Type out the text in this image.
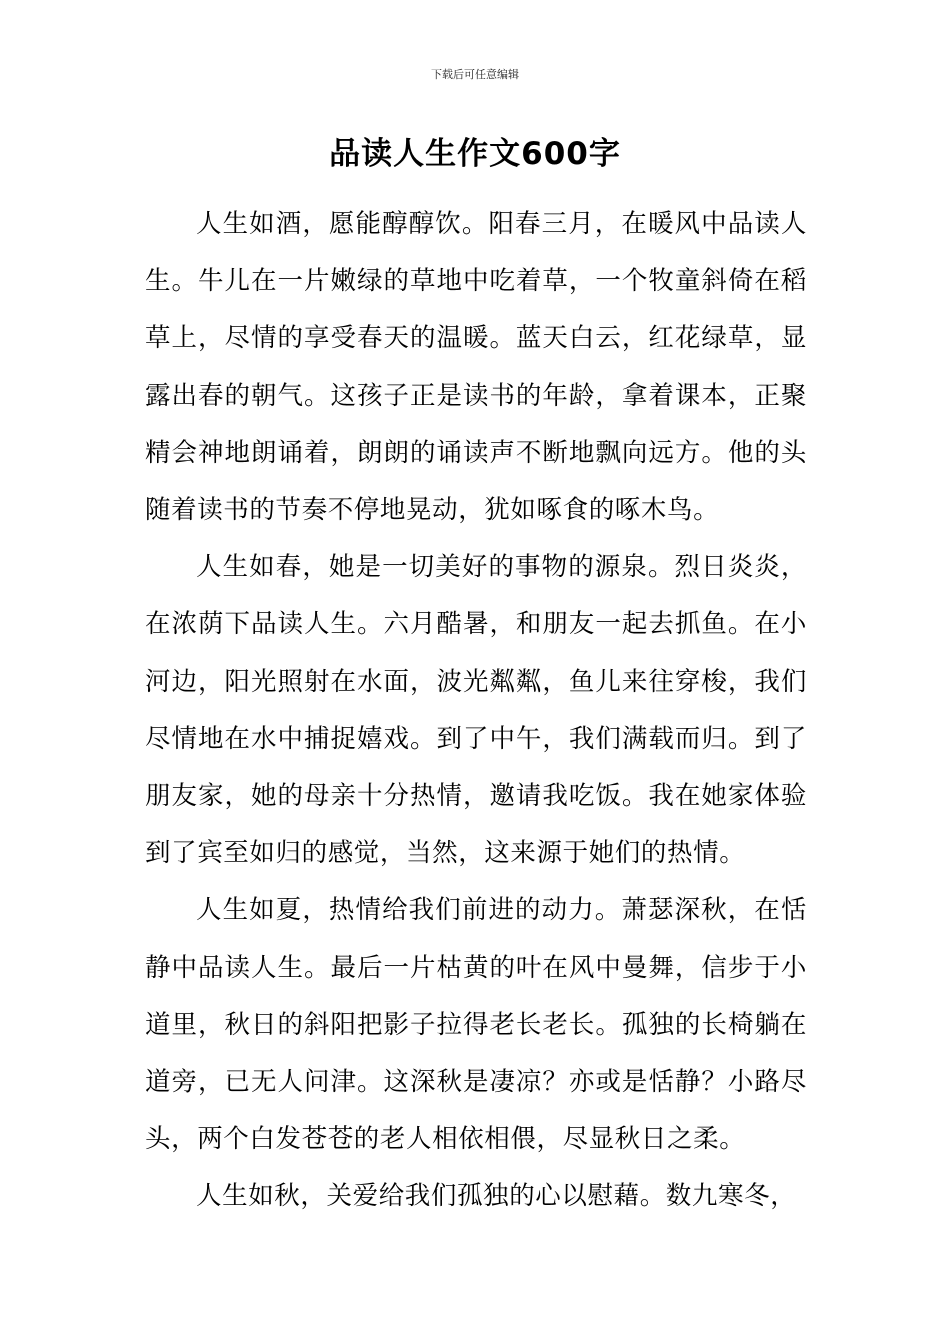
下载后可任意编辑
品读人生作文600字

人生如酒，愿能醇醇饮。阳春三月，在暖风中品读人生。牛儿在一片嫩绿的草地中吃着草，一个牧童斜倚在稻草上，尽情的享受春天的温暖。蓝天白云，红花绿草，显露出春的朝气。这孩子正是读书的年龄，拿着课本，正聚精会神地朗诵着，朗朗的诵读声不断地飘向远方。他的头随着读书的节奏不停地晃动，犹如啄食的啄木鸟。

人生如春，她是一切美好的事物的源泉。烈日炎炎，在浓荫下品读人生。六月酷暑，和朋友一起去抓鱼。在小河边，阳光照射在水面，波光粼粼，鱼儿来往穿梭，我们尽情地在水中捕捉嬉戏。到了中午，我们满载而归。到了朋友家，她的母亲十分热情，邀请我吃饭。我在她家体验到了宾至如归的感觉，当然，这来源于她们的热情。

人生如夏，热情给我们前进的动力。萧瑟深秋，在恬静中品读人生。最后一片枯黄的叶在风中曼舞，信步于小道里，秋日的斜阳把影子拉得老长老长。孤独的长椅躺在道旁，已无人问津。这深秋是凄凉？亦或是恬静？小路尽头，两个白发苍苍的老人相依相偎，尽显秋日之柔。

人生如秋，关爱给我们孤独的心以慰藉。数九寒冬，
